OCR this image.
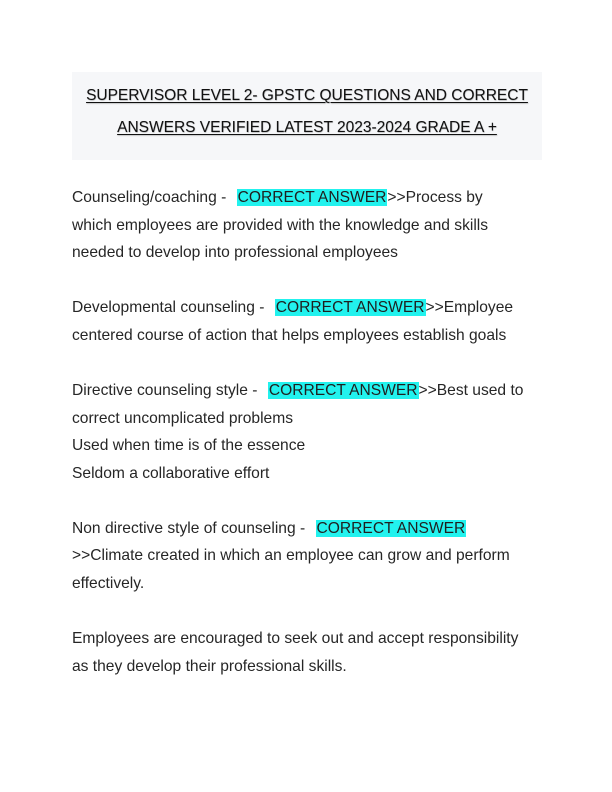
SUPERVISOR LEVEL 2- GPSTC QUESTIONS AND CORRECT
ANSWERS VERIFIED LATEST 2023-2024 GRADE A +
Counseling/coaching - CORRECT ANSWER>>Process by
which employees are provided with the knowledge and skills
needed to develop into professional employees
Developmental counseling - CORRECT ANSWER>>Employee
centered course of action that helps employees establish goals
Directive counseling style - CORRECT ANSWER>>Best used to
correct uncomplicated problems
Used when time is of the essence
Seldom a collaborative effort
Non directive style of counseling - CORRECT ANSWER
>>Climate created in which an employee can grow and perform
effectively.
Employees are encouraged to seek out and accept responsibility
as they develop their professional skills.
